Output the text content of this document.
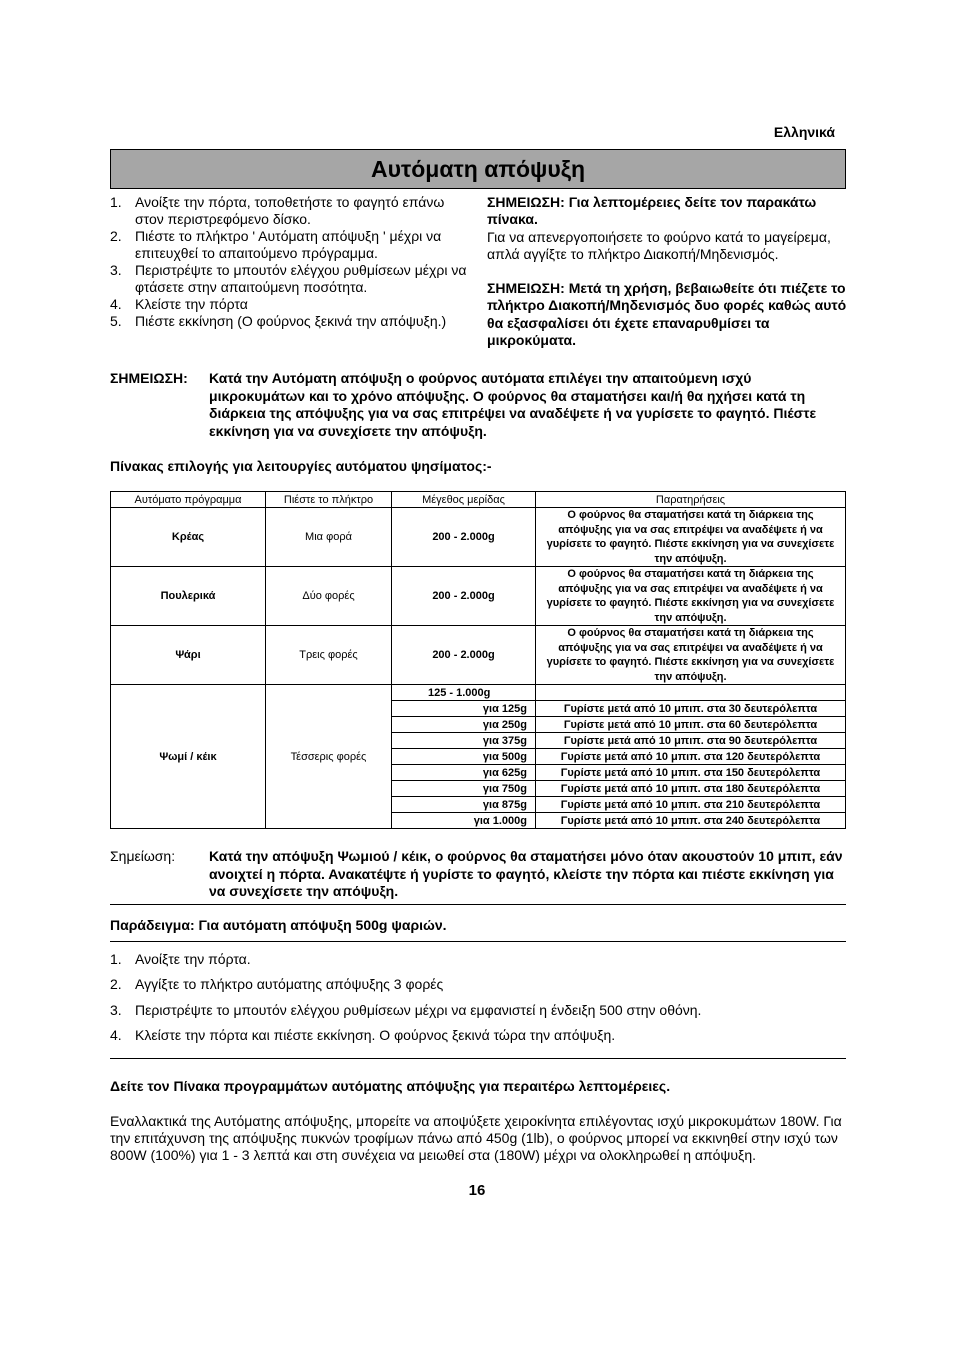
Ελληνικά
Αυτόματη απόψυξη
1. Ανοίξτε την πόρτα, τοποθετήστε το φαγητό επάνω στον περιστρεφόμενο δίσκο.
2. Πιέστε το πλήκτρο ' Αυτόματη απόψυξη ' μέχρι να επιτευχθεί το απαιτούμενο πρόγραμμα.
3. Περιστρέψτε το μπουτόν ελέγχου ρυθμίσεων μέχρι να φτάσετε στην απαιτούμενη ποσότητα.
4. Κλείστε την πόρτα
5. Πιέστε εκκίνηση (Ο φούρνος ξεκινά την απόψυξη.)

ΣΗΜΕΙΩΣΗ: Για λεπτομέρειες δείτε τον παρακάτω πίνακα.

Για να απενεργοποιήσετε το φούρνο κατά το μαγείρεμα, απλά αγγίξτε το πλήκτρο Διακοπή/Μηδενισμός.

ΣΗΜΕΙΩΣΗ: Μετά τη χρήση, βεβαιωθείτε ότι πιέζετε το πλήκτρο Διακοπή/Μηδενισμός δυο φορές καθώς αυτό θα εξασφαλίσει ότι έχετε επαναρυθμίσει τα μικροκύματα.

ΣΗΜΕΙΩΣΗ:	Κατά την Αυτόματη απόψυξη ο φούρνος αυτόματα επιλέγει την απαιτούμενη ισχύ μικροκυμάτων και το χρόνο απόψυξης. Ο φούρνος θα σταματήσει και/ή θα ηχήσει κατά τη διάρκεια της απόψυξης για να σας επιτρέψει να αναδέψετε ή να γυρίσετε το φαγητό. Πιέστε εκκίνηση για να συνεχίσετε την απόψυξη.
Πίνακας επιλογής για λειτουργίες αυτόματου ψησίματος:-
Αυτόματο πρόγραμμα	Πιέστε το πλήκτρο	Μέγεθος μερίδας	Παρατηρήσεις
Κρέας	Μια φορά	200 - 2.000g	Ο φούρνος θα σταματήσει κατά τη διάρκεια της απόψυξης για να σας επιτρέψει να αναδέψετε ή να γυρίσετε το φαγητό. Πιέστε εκκίνηση για να συνεχίσετε την απόψυξη.
Πουλερικά	Δύο φορές	200 - 2.000g	Ο φούρνος θα σταματήσει κατά τη διάρκεια της απόψυξης για να σας επιτρέψει να αναδέψετε ή να γυρίσετε το φαγητό. Πιέστε εκκίνηση για να συνεχίσετε την απόψυξη.
Ψάρι	Τρεις φορές	200 - 2.000g	Ο φούρνος θα σταματήσει κατά τη διάρκεια της απόψυξης για να σας επιτρέψει να αναδέψετε ή να γυρίσετε το φαγητό. Πιέστε εκκίνηση για να συνεχίσετε την απόψυξη.
Ψωμί / κέικ	Τέσσερις φορές	125 - 1.000g	
		για 125g	Γυρίστε μετά από 10 μπιπ. στα 30 δευτερόλεπτα
		για 250g	Γυρίστε μετά από 10 μπιπ. στα 60 δευτερόλεπτα
		για 375g	Γυρίστε μετά από 10 μπιπ. στα 90 δευτερόλεπτα
		για 500g	Γυρίστε μετά από 10 μπιπ. στα 120 δευτερόλεπτα
		για 625g	Γυρίστε μετά από 10 μπιπ. στα 150 δευτερόλεπτα
		για 750g	Γυρίστε μετά από 10 μπιπ. στα 180 δευτερόλεπτα
		για 875g	Γυρίστε μετά από 10 μπιπ. στα 210 δευτερόλεπτα
		για 1.000g	Γυρίστε μετά από 10 μπιπ. στα 240 δευτερόλεπτα
Σημείωση:	Κατά την απόψυξη Ψωμιού / κέικ, ο φούρνος θα σταματήσει μόνο όταν ακουστούν 10 μπιπ, εάν ανοιχτεί η πόρτα. Ανακατέψτε ή γυρίστε το φαγητό, κλείστε την πόρτα και πιέστε εκκίνηση για να συνεχίσετε την απόψυξη.
Παράδειγμα: Για αυτόματη απόψυξη 500g ψαριών.
1. Ανοίξτε την πόρτα.
2. Αγγίξτε το πλήκτρο αυτόματης απόψυξης 3 φορές
3. Περιστρέψτε το μπουτόν ελέγχου ρυθμίσεων μέχρι να εμφανιστεί η ένδειξη 500 στην οθόνη.
4. Κλείστε την πόρτα και πιέστε εκκίνηση. Ο φούρνος ξεκινά τώρα την απόψυξη.
Δείτε τον Πίνακα προγραμμάτων αυτόματης απόψυξης για περαιτέρω λεπτομέρειες.

Εναλλακτικά της Αυτόματης απόψυξης, μπορείτε να αποψύξετε χειροκίνητα επιλέγοντας ισχύ μικροκυμάτων 180W. Για την επιτάχυνση της απόψυξης πυκνών τροφίμων πάνω από 450g (1lb), ο φούρνος μπορεί να εκκινηθεί στην ισχύ των 800W (100%) για 1 - 3 λεπτά και στη συνέχεια να μειωθεί στα (180W) μέχρι να ολοκληρωθεί η απόψυξη.

16
